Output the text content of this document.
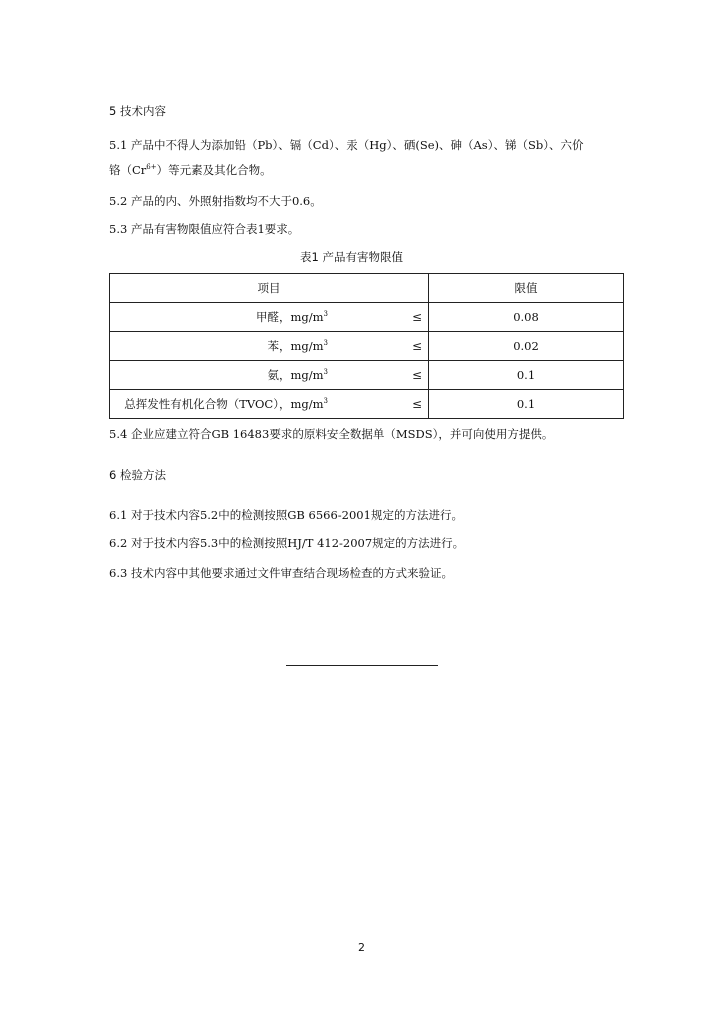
5 技术内容
5.1 产品中不得人为添加铅（Pb）、镉（Cd）、汞（Hg）、硒(Se)、砷（As）、锑（Sb）、六价
铬$(Cr^{6+})$等元素及其化合物。
5.2 产品的内、外照射指数均不大于0.6。
5.3 产品有害物限值应符合表1要求。
表1 产品有害物限值
项目	限值

甲醛，$mg/m^3$ ≤	0.08

苯，$mg/m^3$ ≤	0.02

氨，$mg/m^3$ ≤	0.1

总挥发性有机化合物（TVOC），$mg/m^3$ ≤	0.1
5.4 企业应建立符合GB 16483要求的原料安全数据单（MSDS），并可向使用方提供。
6 检验方法
6.1 对于技术内容5.2中的检测按照GB 6566-2001规定的方法进行。
6.2 对于技术内容5.3中的检测按照HJ/T 412-2007规定的方法进行。
6.3 技术内容中其他要求通过文件审查结合现场检查的方式来验证。
2
